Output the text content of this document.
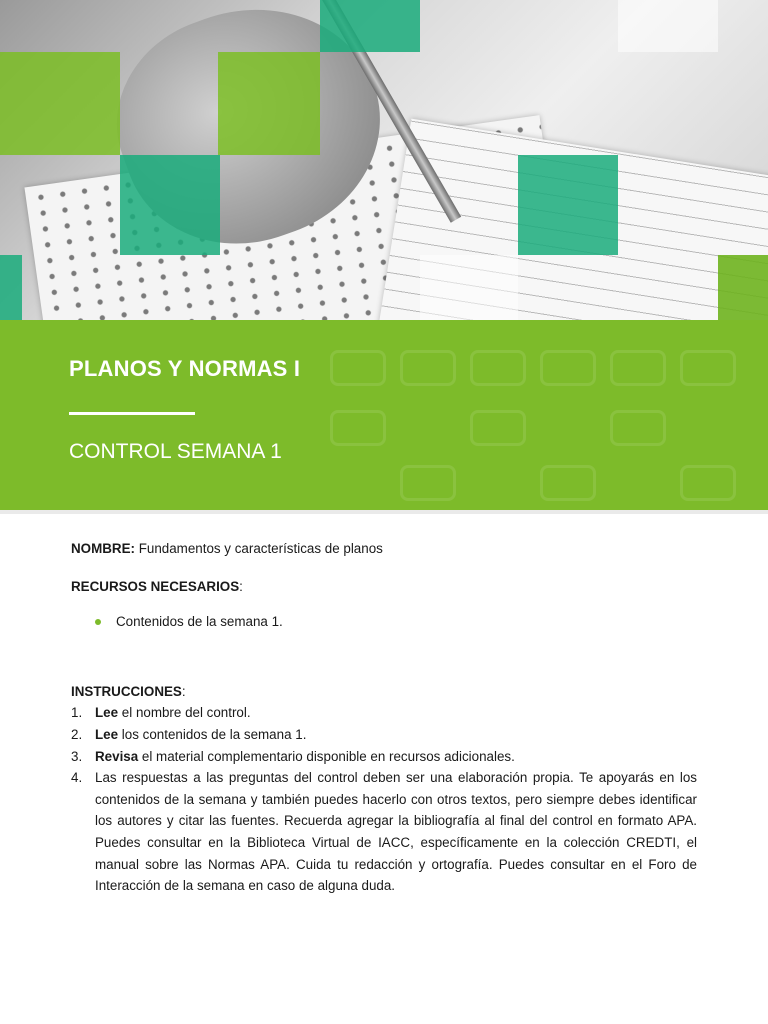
PLANOS Y NORMAS I
CONTROL SEMANA 1

NOMBRE: Fundamentos y características de planos

RECURSOS NECESARIOS:

Contenidos de la semana 1.

INSTRUCCIONES:

1. Lee el nombre del control.
2. Lee los contenidos de la semana 1.
3. Revisa el material complementario disponible en recursos adicionales.
4. Las respuestas a las preguntas del control deben ser una elaboración propia. Te apoyarás en los contenidos de la semana y también puedes hacerlo con otros textos, pero siempre debes identificar los autores y citar las fuentes. Recuerda agregar la bibliografía al final del control en formato APA. Puedes consultar en la Biblioteca Virtual de IACC, específicamente en la colección CREDTI, el manual sobre las Normas APA. Cuida tu redacción y ortografía. Puedes consultar en el Foro de Interacción de la semana en caso de alguna duda.
